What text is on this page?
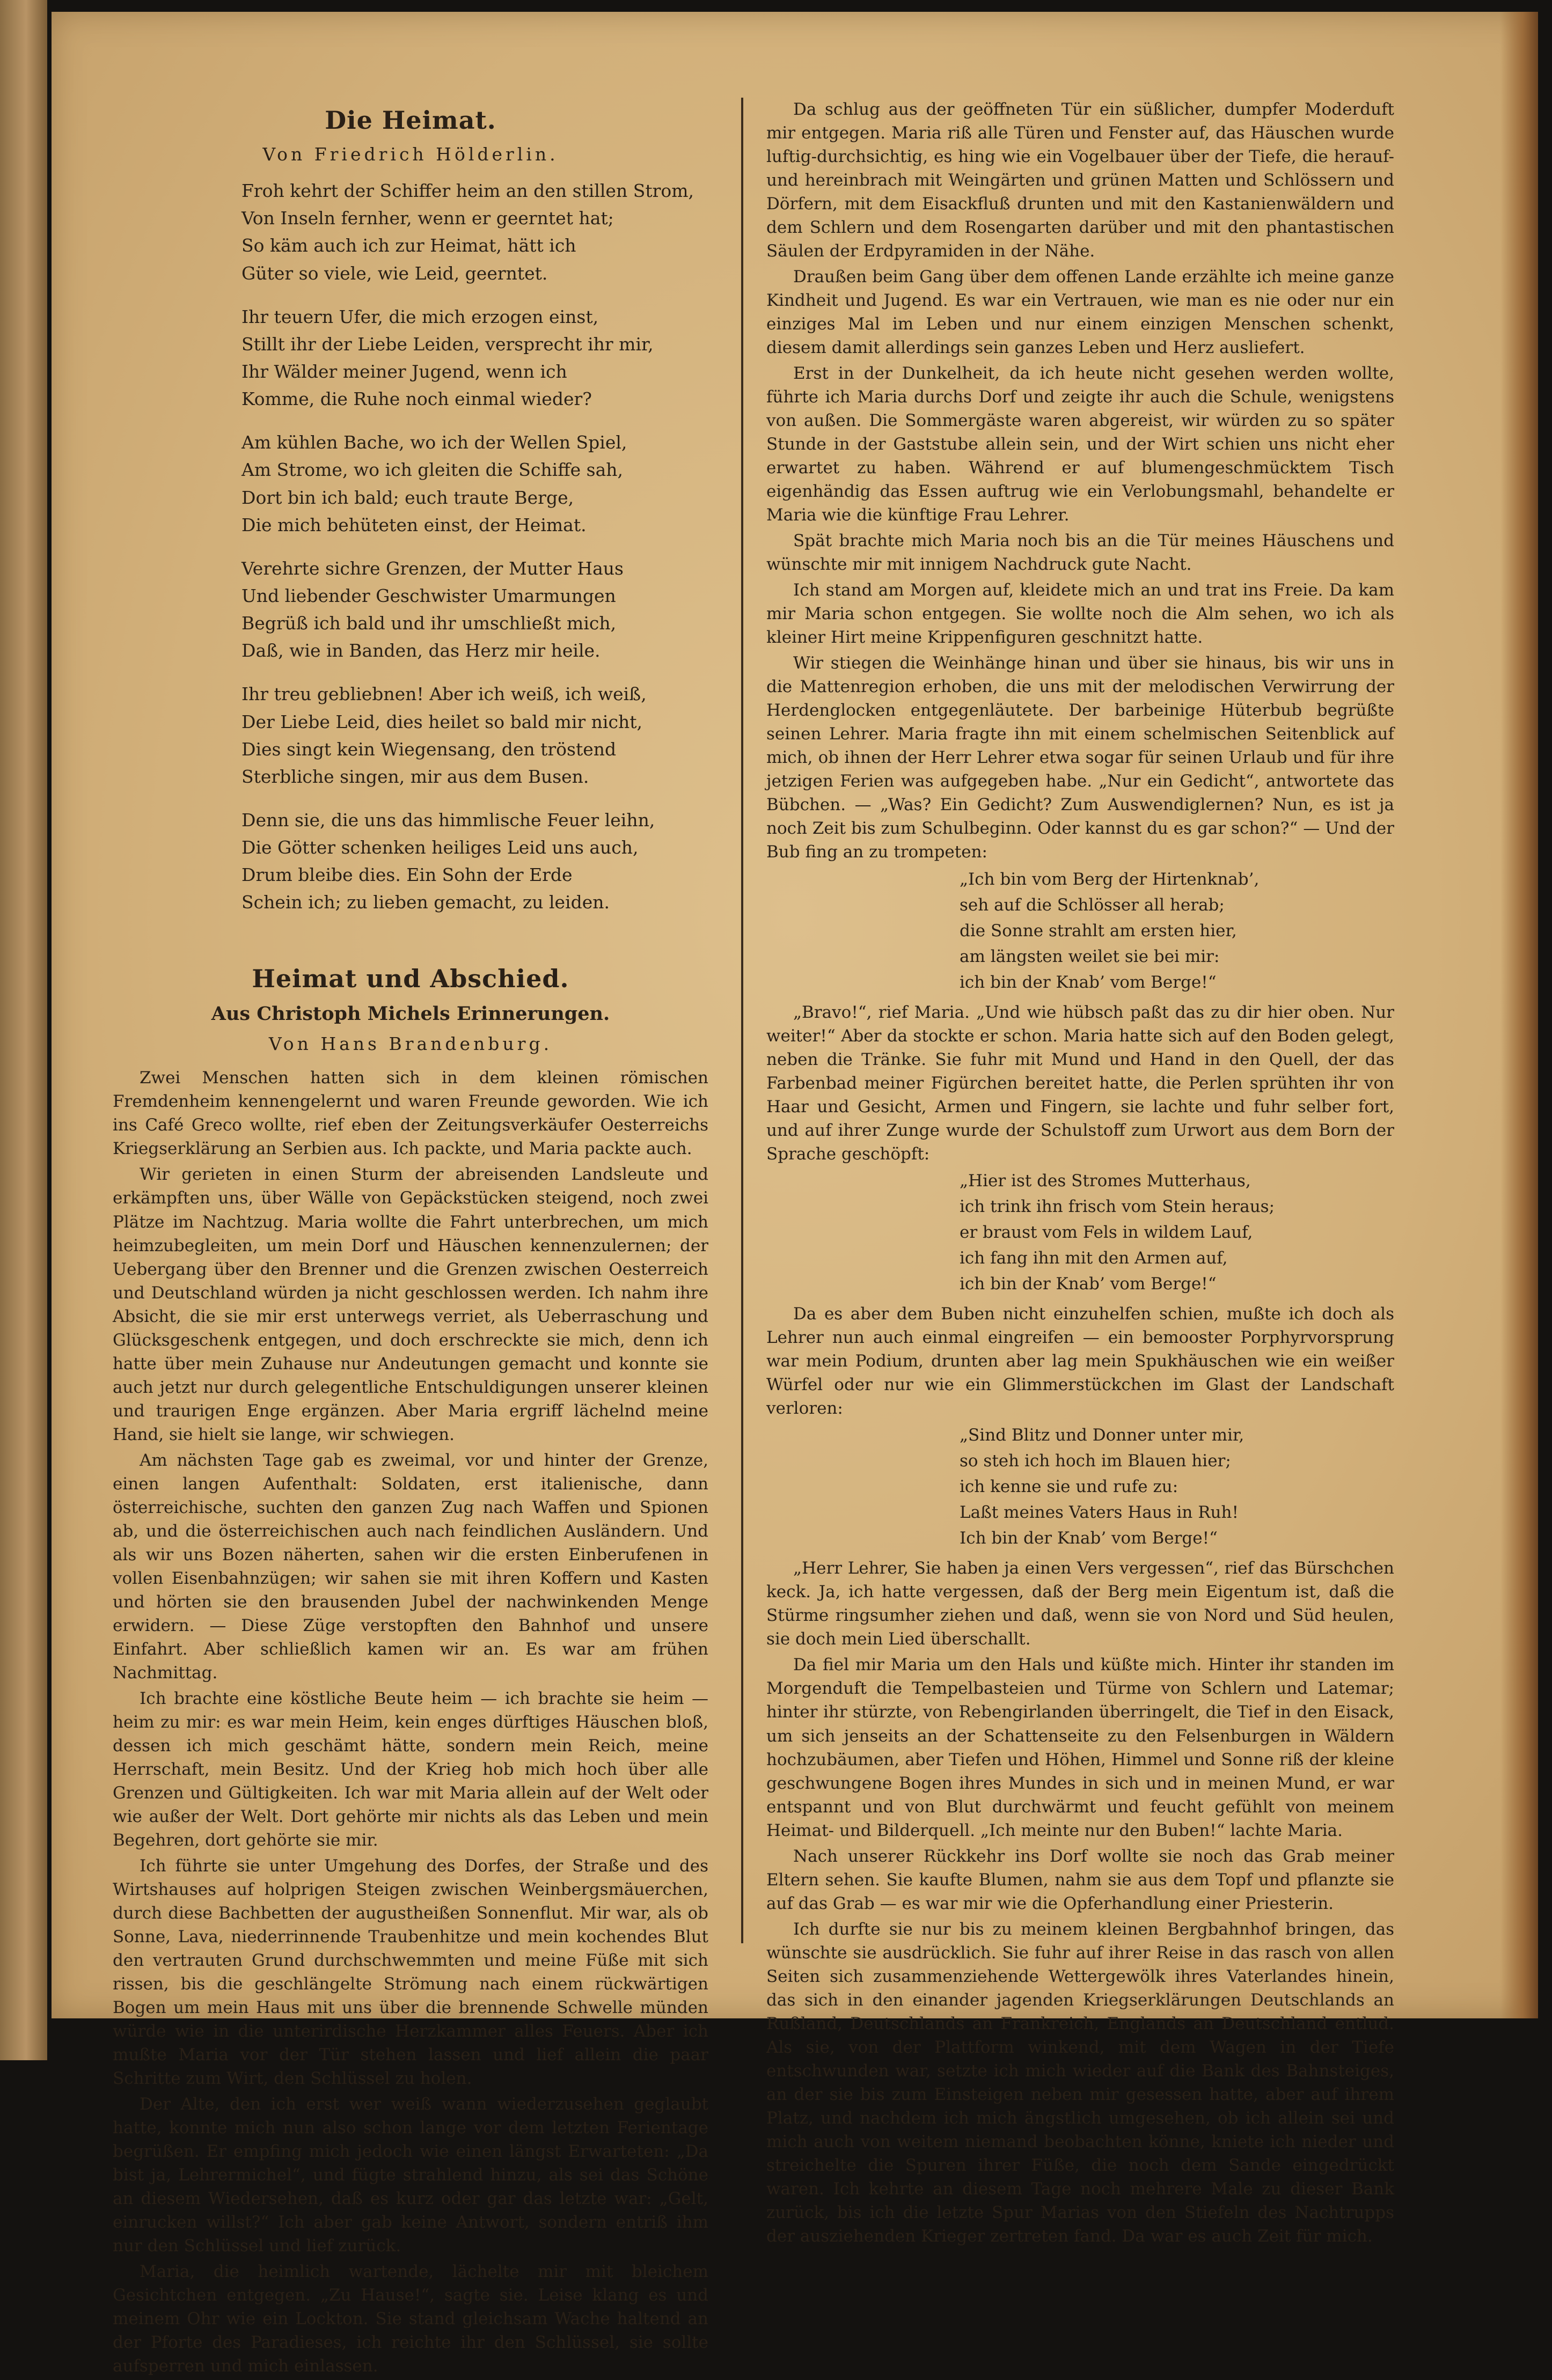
Die Heimat.
Von Friedrich Hölderlin.
Froh kehrt der Schiffer heim an den stillen Strom,
Von Inseln fernher, wenn er geerntet hat;
So käm auch ich zur Heimat, hätt ich
Güter so viele, wie Leid, geerntet.
Ihr teuern Ufer, die mich erzogen einst,
Stillt ihr der Liebe Leiden, versprecht ihr mir,
Ihr Wälder meiner Jugend, wenn ich
Komme, die Ruhe noch einmal wieder?
Am kühlen Bache, wo ich der Wellen Spiel,
Am Strome, wo ich gleiten die Schiffe sah,
Dort bin ich bald; euch traute Berge,
Die mich behüteten einst, der Heimat.
Verehrte sichre Grenzen, der Mutter Haus
Und liebender Geschwister Umarmungen
Begrüß ich bald und ihr umschließt mich,
Daß, wie in Banden, das Herz mir heile.
Ihr treu gebliebnen! Aber ich weiß, ich weiß,
Der Liebe Leid, dies heilet so bald mir nicht,
Dies singt kein Wiegensang, den tröstend
Sterbliche singen, mir aus dem Busen.
Denn sie, die uns das himmlische Feuer leihn,
Die Götter schenken heiliges Leid uns auch,
Drum bleibe dies. Ein Sohn der Erde
Schein ich; zu lieben gemacht, zu leiden.
Heimat und Abschied.
Aus Christoph Michels Erinnerungen.
Von Hans Brandenburg.

Zwei Menschen hatten sich in dem kleinen römischen Fremdenheim kennengelernt und waren Freunde geworden. Wie ich ins Café Greco wollte, rief eben der Zeitungsverkäufer Oesterreichs Kriegserklärung an Serbien aus. Ich packte, und Maria packte auch.

Wir gerieten in einen Sturm der abreisenden Landsleute und erkämpften uns, über Wälle von Gepäckstücken steigend, noch zwei Plätze im Nachtzug. Maria wollte die Fahrt unterbrechen, um mich heimzubegleiten, um mein Dorf und Häuschen kennenzulernen; der Uebergang über den Brenner und die Grenzen zwischen Oesterreich und Deutschland würden ja nicht geschlossen werden. Ich nahm ihre Absicht, die sie mir erst unterwegs verriet, als Ueberraschung und Glücksgeschenk entgegen, und doch erschreckte sie mich, denn ich hatte über mein Zuhause nur Andeutungen gemacht und konnte sie auch jetzt nur durch gelegentliche Entschuldigungen unserer kleinen und traurigen Enge ergänzen. Aber Maria ergriff lächelnd meine Hand, sie hielt sie lange, wir schwiegen.

Am nächsten Tage gab es zweimal, vor und hinter der Grenze, einen langen Aufenthalt: Soldaten, erst italienische, dann österreichische, suchten den ganzen Zug nach Waffen und Spionen ab, und die österreichischen auch nach feindlichen Ausländern. Und als wir uns Bozen näherten, sahen wir die ersten Einberufenen in vollen Eisenbahnzügen; wir sahen sie mit ihren Koffern und Kasten und hörten sie den brausenden Jubel der nachwinkenden Menge erwidern. — Diese Züge verstopften den Bahnhof und unsere Einfahrt. Aber schließlich kamen wir an. Es war am frühen Nachmittag.

Ich brachte eine köstliche Beute heim — ich brachte sie heim — heim zu mir: es war mein Heim, kein enges dürftiges Häuschen bloß, dessen ich mich geschämt hätte, sondern mein Reich, meine Herrschaft, mein Besitz. Und der Krieg hob mich hoch über alle Grenzen und Gültigkeiten. Ich war mit Maria allein auf der Welt oder wie außer der Welt. Dort gehörte mir nichts als das Leben und mein Begehren, dort gehörte sie mir.

Ich führte sie unter Umgehung des Dorfes, der Straße und des Wirtshauses auf holprigen Steigen zwischen Weinbergsmäuerchen, durch diese Bachbetten der augustheißen Sonnenflut. Mir war, als ob Sonne, Lava, niederrinnende Traubenhitze und mein kochendes Blut den vertrauten Grund durchschwemmten und meine Füße mit sich rissen, bis die geschlängelte Strömung nach einem rückwärtigen Bogen um mein Haus mit uns über die brennende Schwelle münden würde wie in die unterirdische Herzkammer alles Feuers. Aber ich mußte Maria vor der Tür stehen lassen und lief allein die paar Schritte zum Wirt, den Schlüssel zu holen.

Der Alte, den ich erst wer weiß wann wiederzusehen geglaubt hatte, konnte mich nun also schon lange vor dem letzten Ferientage begrüßen. Er empfing mich jedoch wie einen längst Erwarteten: „Da bist ja, Lehrermichel“, und fügte strahlend hinzu, als sei das Schöne an diesem Wiedersehen, daß es kurz oder gar das letzte war: „Gelt, einrucken willst?“ Ich aber gab keine Antwort, sondern entriß ihm nur den Schlüssel und lief zurück.

Maria, die heimlich wartende, lächelte mir mit bleichem Gesichtchen entgegen. „Zu Hause!“, sagte sie. Leise klang es und meinem Ohr wie ein Lockton. Sie stand gleichsam Wache haltend an der Pforte des Paradieses, ich reichte ihr den Schlüssel, sie sollte aufsperren und mich einlassen.

Da schlug aus der geöffneten Tür ein süßlicher, dumpfer Moderduft mir entgegen. Maria riß alle Türen und Fenster auf, das Häuschen wurde luftig-durchsichtig, es hing wie ein Vogelbauer über der Tiefe, die herauf- und hereinbrach mit Weingärten und grünen Matten und Schlössern und Dörfern, mit dem Eisackfluß drunten und mit den Kastanienwäldern und dem Schlern und dem Rosengarten darüber und mit den phantastischen Säulen der Erdpyramiden in der Nähe.

Draußen beim Gang über dem offenen Lande erzählte ich meine ganze Kindheit und Jugend. Es war ein Vertrauen, wie man es nie oder nur ein einziges Mal im Leben und nur einem einzigen Menschen schenkt, diesem damit allerdings sein ganzes Leben und Herz ausliefert.

Erst in der Dunkelheit, da ich heute nicht gesehen werden wollte, führte ich Maria durchs Dorf und zeigte ihr auch die Schule, wenigstens von außen. Die Sommergäste waren abgereist, wir würden zu so später Stunde in der Gaststube allein sein, und der Wirt schien uns nicht eher erwartet zu haben. Während er auf blumengeschmücktem Tisch eigenhändig das Essen auftrug wie ein Verlobungsmahl, behandelte er Maria wie die künftige Frau Lehrer.

Spät brachte mich Maria noch bis an die Tür meines Häuschens und wünschte mir mit innigem Nachdruck gute Nacht.

Ich stand am Morgen auf, kleidete mich an und trat ins Freie. Da kam mir Maria schon entgegen. Sie wollte noch die Alm sehen, wo ich als kleiner Hirt meine Krippenfiguren geschnitzt hatte.

Wir stiegen die Weinhänge hinan und über sie hinaus, bis wir uns in die Mattenregion erhoben, die uns mit der melodischen Verwirrung der Herdenglocken entgegenläutete. Der barbeinige Hüterbub begrüßte seinen Lehrer. Maria fragte ihn mit einem schelmischen Seitenblick auf mich, ob ihnen der Herr Lehrer etwa sogar für seinen Urlaub und für ihre jetzigen Ferien was aufgegeben habe. „Nur ein Gedicht“, antwortete das Bübchen. — „Was? Ein Gedicht? Zum Auswendiglernen? Nun, es ist ja noch Zeit bis zum Schulbeginn. Oder kannst du es gar schon?“ — Und der Bub fing an zu trompeten:

„Ich bin vom Berg der Hirtenknab’,
seh auf die Schlösser all herab;
die Sonne strahlt am ersten hier,
am längsten weilet sie bei mir:
ich bin der Knab’ vom Berge!“

„Bravo!“, rief Maria. „Und wie hübsch paßt das zu dir hier oben. Nur weiter!“ Aber da stockte er schon. Maria hatte sich auf den Boden gelegt, neben die Tränke. Sie fuhr mit Mund und Hand in den Quell, der das Farbenbad meiner Figürchen bereitet hatte, die Perlen sprühten ihr von Haar und Gesicht, Armen und Fingern, sie lachte und fuhr selber fort, und auf ihrer Zunge wurde der Schulstoff zum Urwort aus dem Born der Sprache geschöpft:

„Hier ist des Stromes Mutterhaus,
ich trink ihn frisch vom Stein heraus;
er braust vom Fels in wildem Lauf,
ich fang ihn mit den Armen auf,
ich bin der Knab’ vom Berge!“

Da es aber dem Buben nicht einzuhelfen schien, mußte ich doch als Lehrer nun auch einmal eingreifen — ein bemooster Porphyrvorsprung war mein Podium, drunten aber lag mein Spukhäuschen wie ein weißer Würfel oder nur wie ein Glimmerstückchen im Glast der Landschaft verloren:

„Sind Blitz und Donner unter mir,
so steh ich hoch im Blauen hier;
ich kenne sie und rufe zu:
Laßt meines Vaters Haus in Ruh!
Ich bin der Knab’ vom Berge!“

„Herr Lehrer, Sie haben ja einen Vers vergessen“, rief das Bürschchen keck. Ja, ich hatte vergessen, daß der Berg mein Eigentum ist, daß die Stürme ringsumher ziehen und daß, wenn sie von Nord und Süd heulen, sie doch mein Lied überschallt.

Da fiel mir Maria um den Hals und küßte mich. Hinter ihr standen im Morgenduft die Tempelbasteien und Türme von Schlern und Latemar; hinter ihr stürzte, von Rebengirlanden überringelt, die Tief in den Eisack, um sich jenseits an der Schattenseite zu den Felsenburgen in Wäldern hochzubäumen, aber Tiefen und Höhen, Himmel und Sonne riß der kleine geschwungene Bogen ihres Mundes in sich und in meinen Mund, er war entspannt und von Blut durchwärmt und feucht gefühlt von meinem Heimat- und Bilderquell. „Ich meinte nur den Buben!“ lachte Maria.

Nach unserer Rückkehr ins Dorf wollte sie noch das Grab meiner Eltern sehen. Sie kaufte Blumen, nahm sie aus dem Topf und pflanzte sie auf das Grab — es war mir wie die Opferhandlung einer Priesterin.

Ich durfte sie nur bis zu meinem kleinen Bergbahnhof bringen, das wünschte sie ausdrücklich. Sie fuhr auf ihrer Reise in das rasch von allen Seiten sich zusammenziehende Wettergewölk ihres Vaterlandes hinein, das sich in den einander jagenden Kriegserklärungen Deutschlands an Rußland, Deutschlands an Frankreich, Englands an Deutschland entlud. Als sie, von der Plattform winkend, mit dem Wagen in der Tiefe entschwunden war, setzte ich mich wieder auf die Bank des Bahnsteiges, an der sie bis zum Einsteigen neben mir gesessen hatte, aber auf ihrem Platz, und nachdem ich mich ängstlich umgesehen, ob ich allein sei und mich auch von weitem niemand beobachten könne, kniete ich nieder und streichelte die Spuren ihrer Füße, die noch dem Sande eingedrückt waren. Ich kehrte an diesem Tage noch mehrere Male zu dieser Bank zurück, bis ich die letzte Spur Marias von den Stiefeln des Nachtrupps der ausziehenden Krieger zertreten fand. Da war es auch Zeit für mich.
